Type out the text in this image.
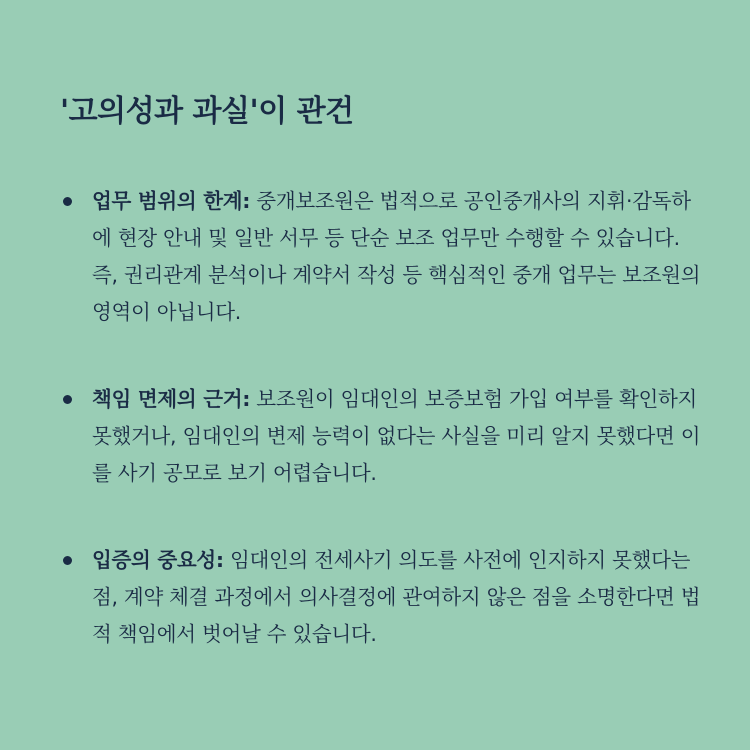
'고의성과 과실'이 관건
업무 범위의 한계: 중개보조원은 법적으로 공인중개사의 지휘·감독하에 현장 안내 및 일반 서무 등 단순 보조 업무만 수행할 수 있습니다. 즉, 권리관계 분석이나 계약서 작성 등 핵심적인 중개 업무는 보조원의 영역이 아닙니다.
책임 면제의 근거: 보조원이 임대인의 보증보험 가입 여부를 확인하지 못했거나, 임대인의 변제 능력이 없다는 사실을 미리 알지 못했다면 이를 사기 공모로 보기 어렵습니다.
입증의 중요성: 임대인의 전세사기 의도를 사전에 인지하지 못했다는 점, 계약 체결 과정에서 의사결정에 관여하지 않은 점을 소명한다면 법적 책임에서 벗어날 수 있습니다.
